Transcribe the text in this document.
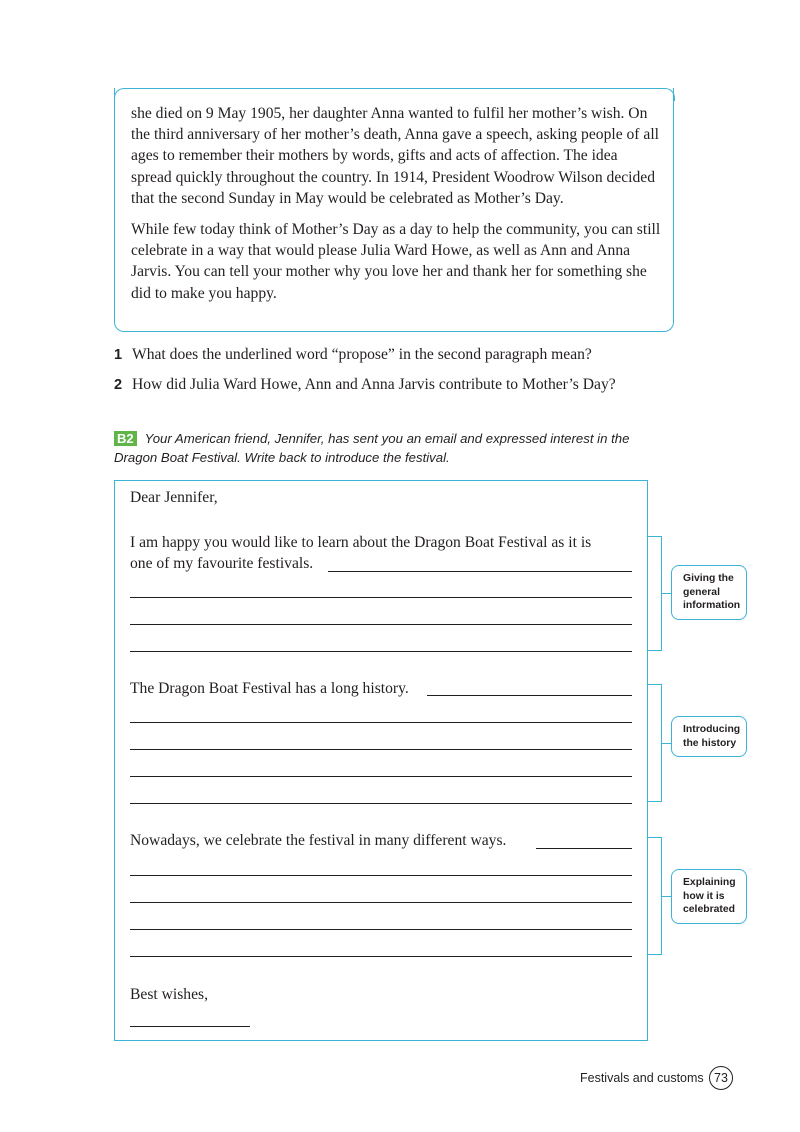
she died on 9 May 1905, her daughter Anna wanted to fulfil her mother’s wish. On the third anniversary of her mother’s death, Anna gave a speech, asking people of all ages to remember their mothers by words, gifts and acts of affection. The idea spread quickly throughout the country. In 1914, President Woodrow Wilson decided that the second Sunday in May would be celebrated as Mother’s Day.

While few today think of Mother’s Day as a day to help the community, you can still celebrate in a way that would please Julia Ward Howe, as well as Ann and Anna Jarvis. You can tell your mother why you love her and thank her for something she did to make you happy.

1 What does the underlined word “propose” in the second paragraph mean?
2 How did Julia Ward Howe, Ann and Anna Jarvis contribute to Mother’s Day?
B2 Your American friend, Jennifer, has sent you an email and expressed interest in the Dragon Boat Festival. Write back to introduce the festival.
Dear Jennifer,
I am happy you would like to learn about the Dragon Boat Festival as it is
one of my favourite festivals.
The Dragon Boat Festival has a long history.
Nowadays, we celebrate the festival in many different ways.
Best wishes,
Giving the general information
Introducing the history
Explaining how it is celebrated
Festivals and customs 73
